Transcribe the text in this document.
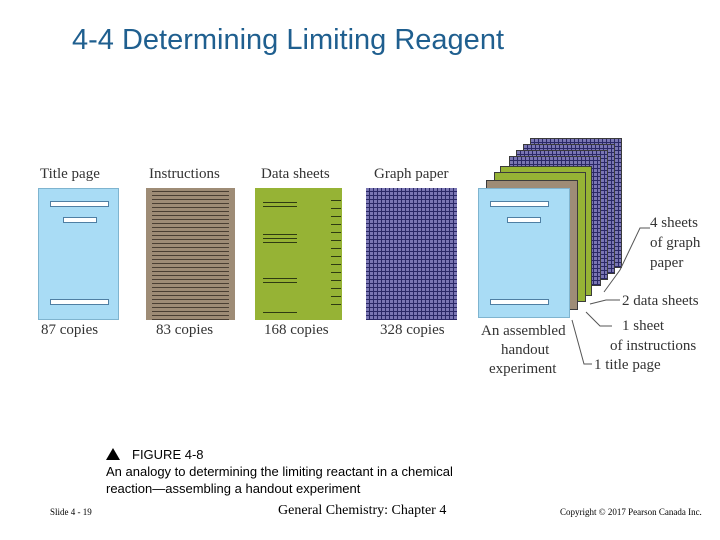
4-4 Determining Limiting Reagent
Title page	Instructions	Data sheets	Graph paper
87 copies	83 copies	168 copies	328 copies An assembled
handout
experiment
4 sheets
of graph
paper
2 data sheets
1 sheet
of instructions
1 title page
FIGURE 4-8
An analogy to determining the limiting reactant in a chemical
reaction—assembling a handout experiment
Slide 4 - 19	General Chemistry: Chapter 4	Copyright © 2017 Pearson Canada Inc.
